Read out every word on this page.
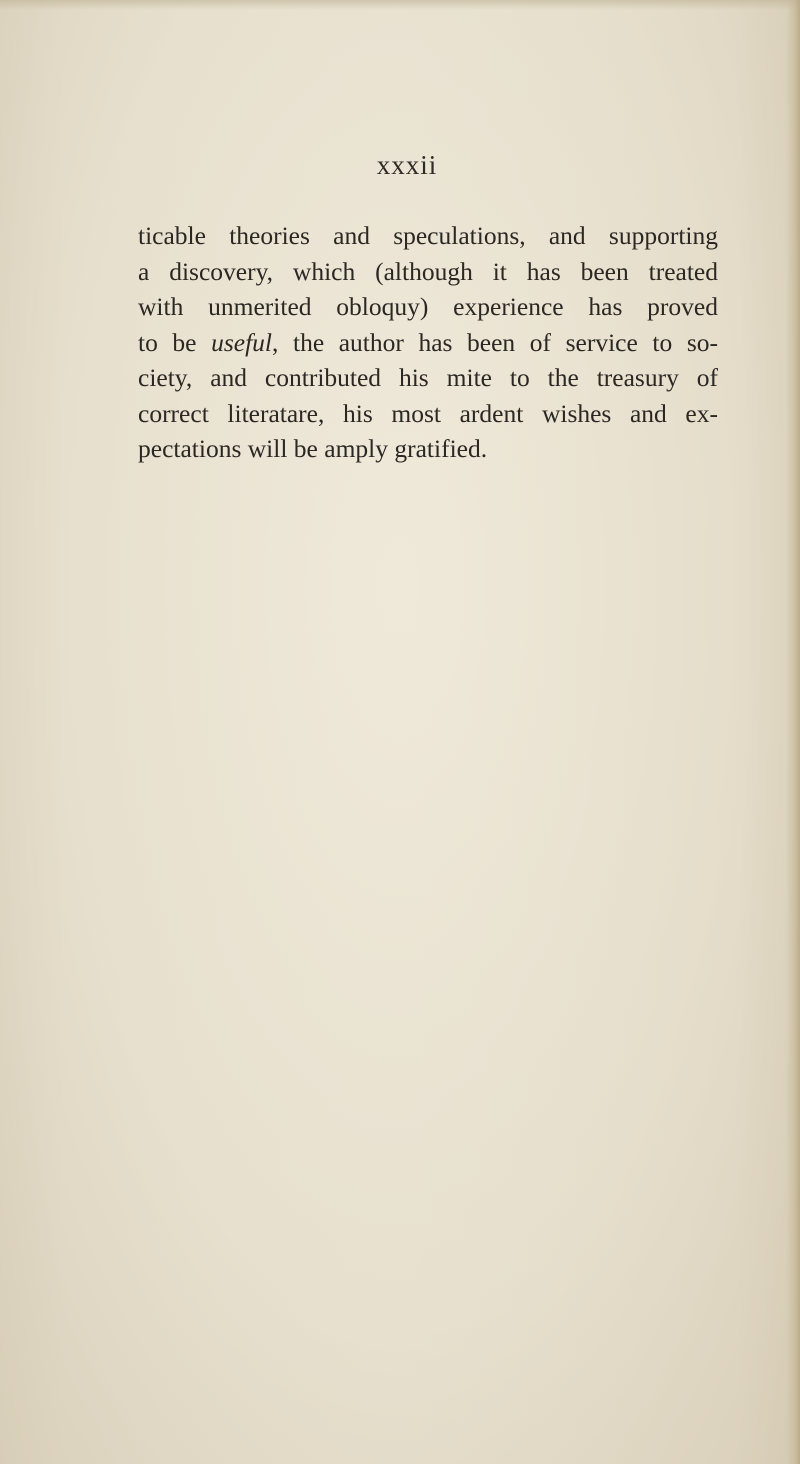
xxxii
ticable theories and speculations, and supporting
a discovery, which (although it has been treated
with unmerited obloquy) experience has proved
to be useful, the author has been of service to so-
ciety, and contributed his mite to the treasury of
correct literatare, his most ardent wishes and ex-
pectations will be amply gratified.
